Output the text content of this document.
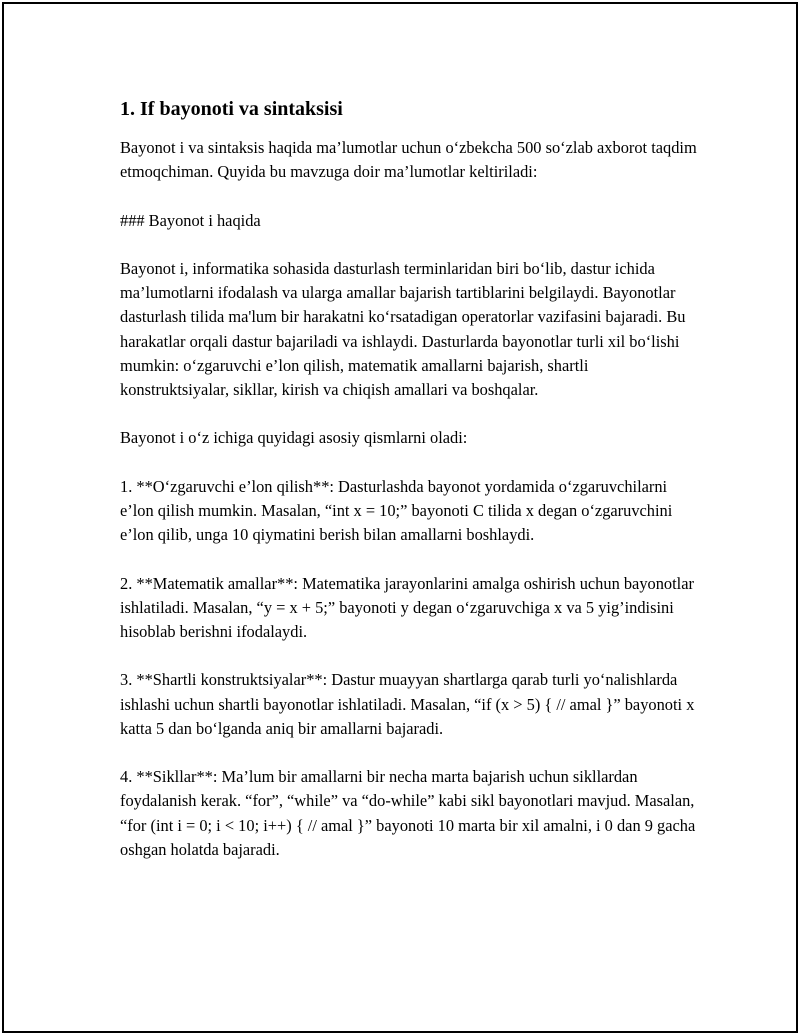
1. If bayonoti va sintaksisi

Bayonot i va sintaksis haqida ma’lumotlar uchun o‘zbekcha 500 so‘zlab axborot taqdim etmoqchiman. Quyida bu mavzuga doir ma’lumotlar keltiriladi:

### Bayonot i haqida

Bayonot i, informatika sohasida dasturlash terminlaridan biri bo‘lib, dastur ichida ma’lumotlarni ifodalash va ularga amallar bajarish tartiblarini belgilaydi. Bayonotlar dasturlash tilida ma'lum bir harakatni ko‘rsatadigan operatorlar vazifasini bajaradi. Bu harakatlar orqali dastur bajariladi va ishlaydi. Dasturlarda bayonotlar turli xil bo‘lishi mumkin: o‘zgaruvchi e’lon qilish, matematik amallarni bajarish, shartli konstruktsiyalar, sikllar, kirish va chiqish amallari va boshqalar.

Bayonot i o‘z ichiga quyidagi asosiy qismlarni oladi:

1. **O‘zgaruvchi e’lon qilish**: Dasturlashda bayonot yordamida o‘zgaruvchilarni e’lon qilish mumkin. Masalan, “int x = 10;” bayonoti C tilida x degan o‘zgaruvchini e’lon qilib, unga 10 qiymatini berish bilan amallarni boshlaydi.

2. **Matematik amallar**: Matematika jarayonlarini amalga oshirish uchun bayonotlar ishlatiladi. Masalan, “y = x + 5;” bayonoti y degan o‘zgaruvchiga x va 5 yig’indisini hisoblab berishni ifodalaydi.

3. **Shartli konstruktsiyalar**: Dastur muayyan shartlarga qarab turli yo‘nalishlarda ishlashi uchun shartli bayonotlar ishlatiladi. Masalan, “if (x > 5) { // amal }” bayonoti x katta 5 dan bo‘lganda aniq bir amallarni bajaradi.

4. **Sikllar**: Ma’lum bir amallarni bir necha marta bajarish uchun sikllardan foydalanish kerak. “for”, “while” va “do-while” kabi sikl bayonotlari mavjud. Masalan, “for (int i = 0; i < 10; i++) { // amal }” bayonoti 10 marta bir xil amalni, i 0 dan 9 gacha oshgan holatda bajaradi.
